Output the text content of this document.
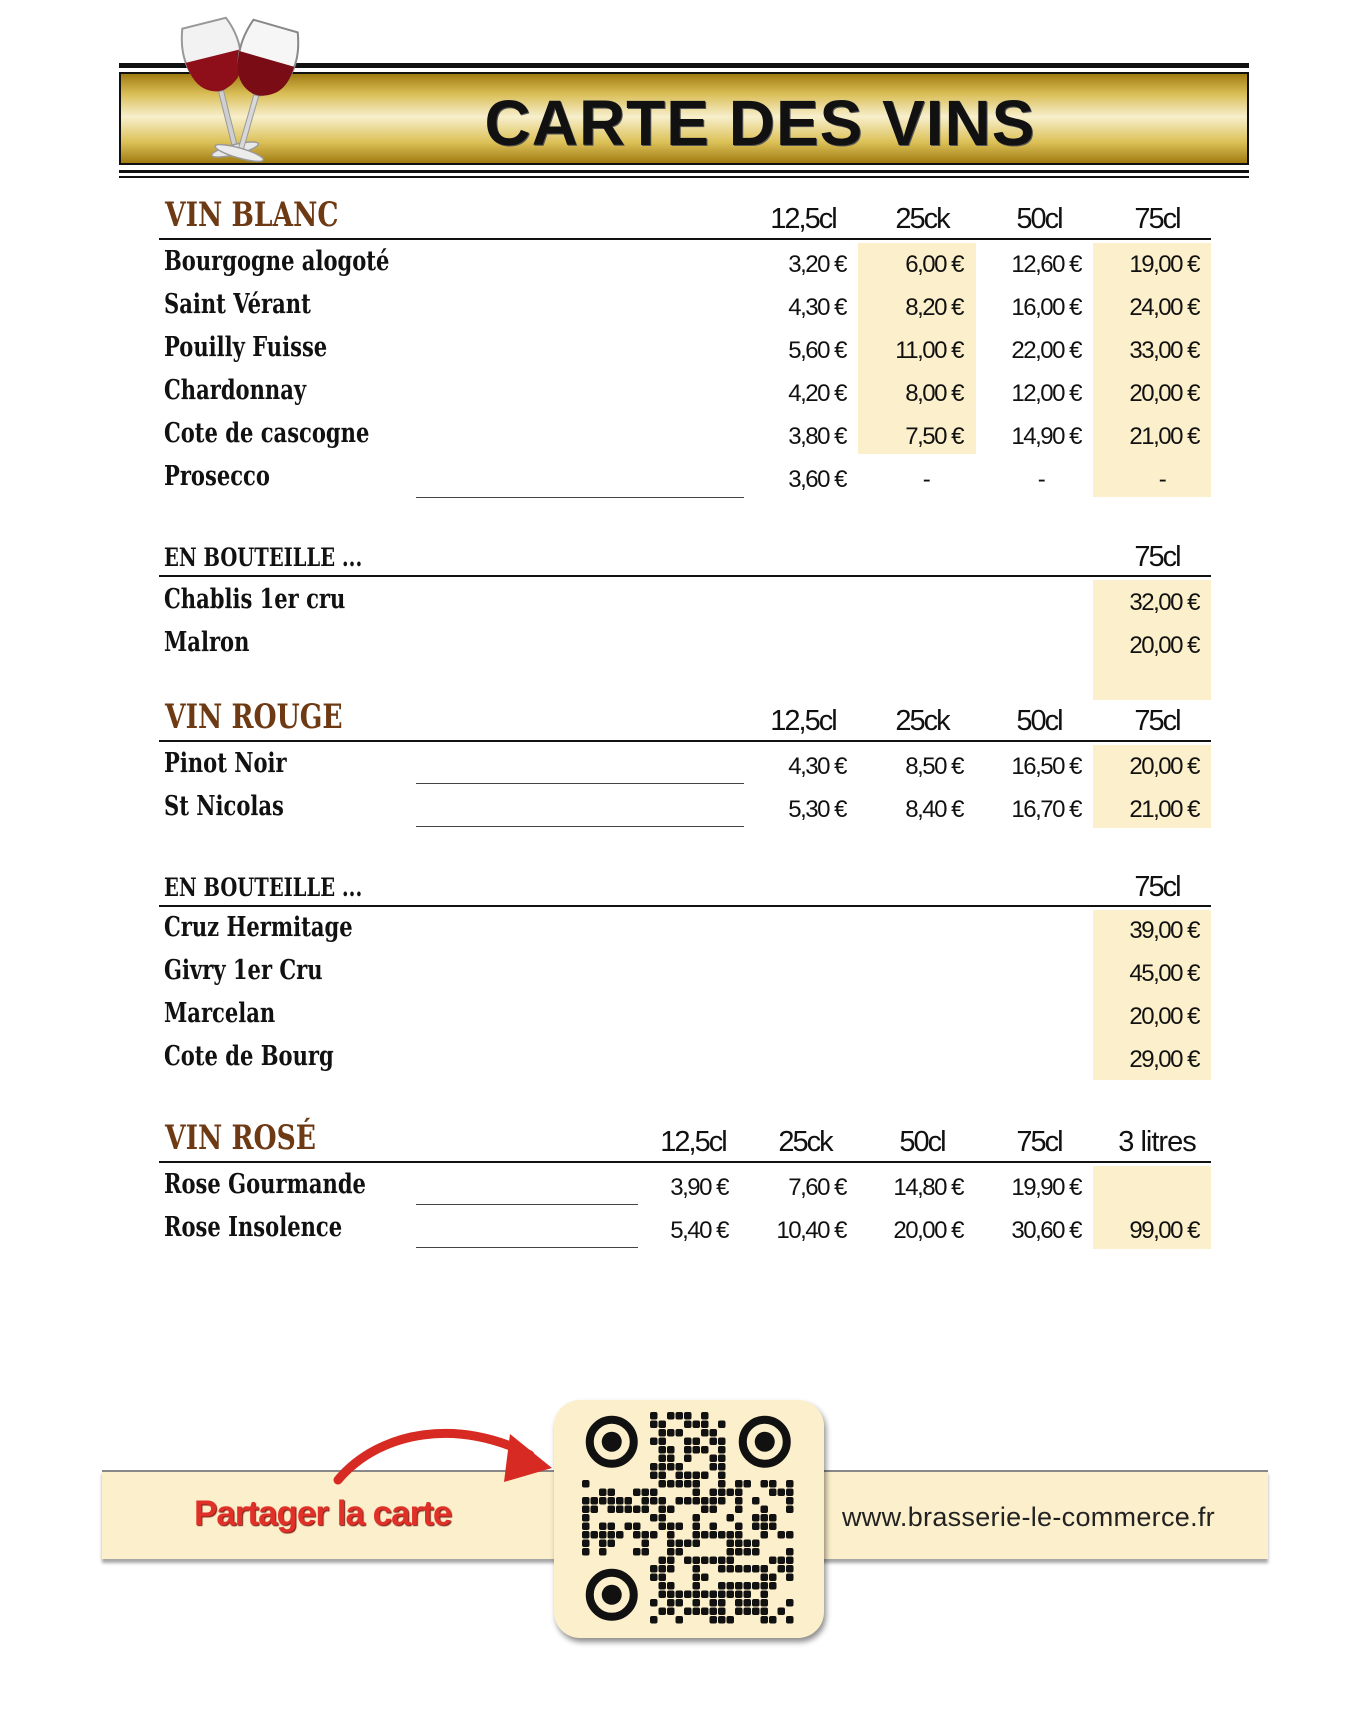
CARTE DES VINS
VIN BLANC	12,5cl	25ck	50cl	75cl
Bourgogne alogoté	3,20 €	6,00 €	12,60 €	19,00 €
Saint Vérant	4,30 €	8,20 €	16,00 €	24,00 €
Pouilly Fuisse	5,60 €	11,00 €	22,00 €	33,00 €
Chardonnay	4,20 €	8,00 €	12,00 €	20,00 €
Cote de cascogne	3,80 €	7,50 €	14,90 €	21,00 €
Prosecco	3,60 €	-	-	-
EN BOUTEILLE ...	75cl
Chablis 1er cru	32,00 €
Malron	20,00 €
VIN ROUGE	12,5cl	25ck	50cl	75cl
Pinot Noir	4,30 €	8,50 €	16,50 €	20,00 €
St Nicolas	5,30 €	8,40 €	16,70 €	21,00 €
EN BOUTEILLE ...	75cl
Cruz Hermitage	39,00 €
Givry 1er Cru	45,00 €
Marcelan	20,00 €
Cote de Bourg	29,00 €
VIN ROSÉ	12,5cl	25ck	50cl	75cl	3 litres
Rose Gourmande	3,90 €	7,60 €	14,80 €	19,90 €
Rose Insolence	5,40 €	10,40 €	20,00 €	30,60 €	99,00 €
Partager la carte	www.brasserie-le-commerce.fr
